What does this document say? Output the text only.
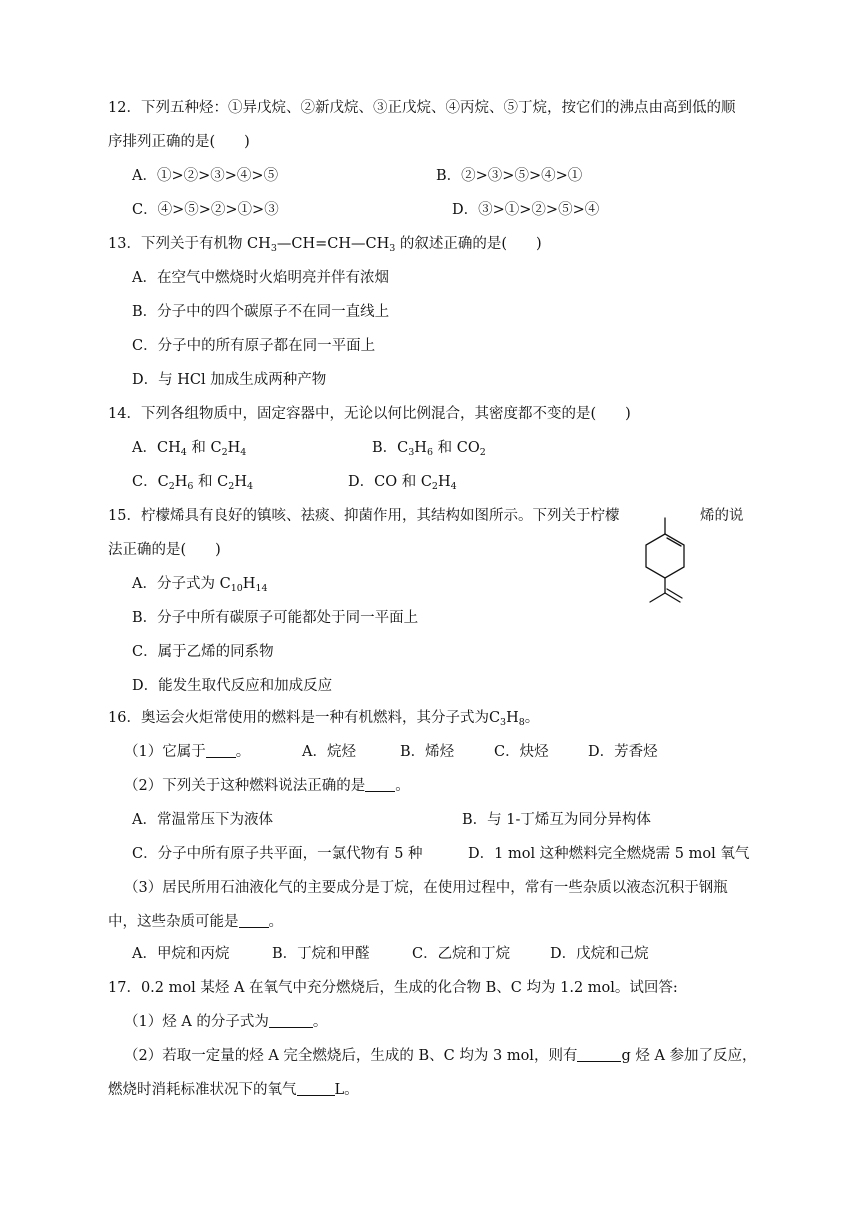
12．下列五种烃：①异戊烷、②新戊烷、③正戊烷、④丙烷、⑤丁烷，按它们的沸点由高到低的顺
序排列正确的是(　　)
A．①>②>③>④>⑤	B．②>③>⑤>④>①
C．④>⑤>②>①>③	D．③>①>②>⑤>④
13．下列关于有机物 $CH_3—CH=CH—CH_3$ 的叙述正确的是(　　)
A．在空气中燃烧时火焰明亮并伴有浓烟
B．分子中的四个碳原子不在同一直线上
C．分子中的所有原子都在同一平面上
D．与 HCl 加成生成两种产物
14．下列各组物质中，固定容器中，无论以何比例混合，其密度都不变的是(　　)
A．$CH_4$ 和 $C_2H_4$	B．$C_3H_6$ 和 $CO_2$
C．$C_2H_6$ 和 $C_2H_4$	D．CO 和 $C_2H_4$
15．柠檬烯具有良好的镇咳、祛痰、抑菌作用，其结构如图所示。下列关于柠檬	烯的说
法正确的是(　　)
A．分子式为 $C_{10}H_{14}$
B．分子中所有碳原子可能都处于同一平面上
C．属于乙烯的同系物
D．能发生取代反应和加成反应
16．奥运会火炬常使用的燃料是一种有机燃料，其分子式为$C_3H_8$。
（1）它属于 。	A．烷烃	B．烯烃	C．炔烃	D．芳香烃
（2）下列关于这种燃料说法正确的是 。
A．常温常压下为液体	B．与 1-丁烯互为同分异构体
C．分子中所有原子共平面，一氯代物有 5 种	D．1 mol 这种燃料完全燃烧需 5 mol 氧气
（3）居民所用石油液化气的主要成分是丁烷，在使用过程中，常有一些杂质以液态沉积于钢瓶
中，这些杂质可能是 。
A．甲烷和丙烷	B．丁烷和甲醛	C．乙烷和丁烷	D．戊烷和己烷
17．0.2 mol 某烃 A 在氧气中充分燃烧后，生成的化合物 B、C 均为 1.2 mol。试回答:
（1）烃 A 的分子式为	。
（2）若取一定量的烃 A 完全燃烧后，生成的 B、C 均为 3 mol，则有	g 烃 A 参加了反应，
燃烧时消耗标准状况下的氧气	L。
